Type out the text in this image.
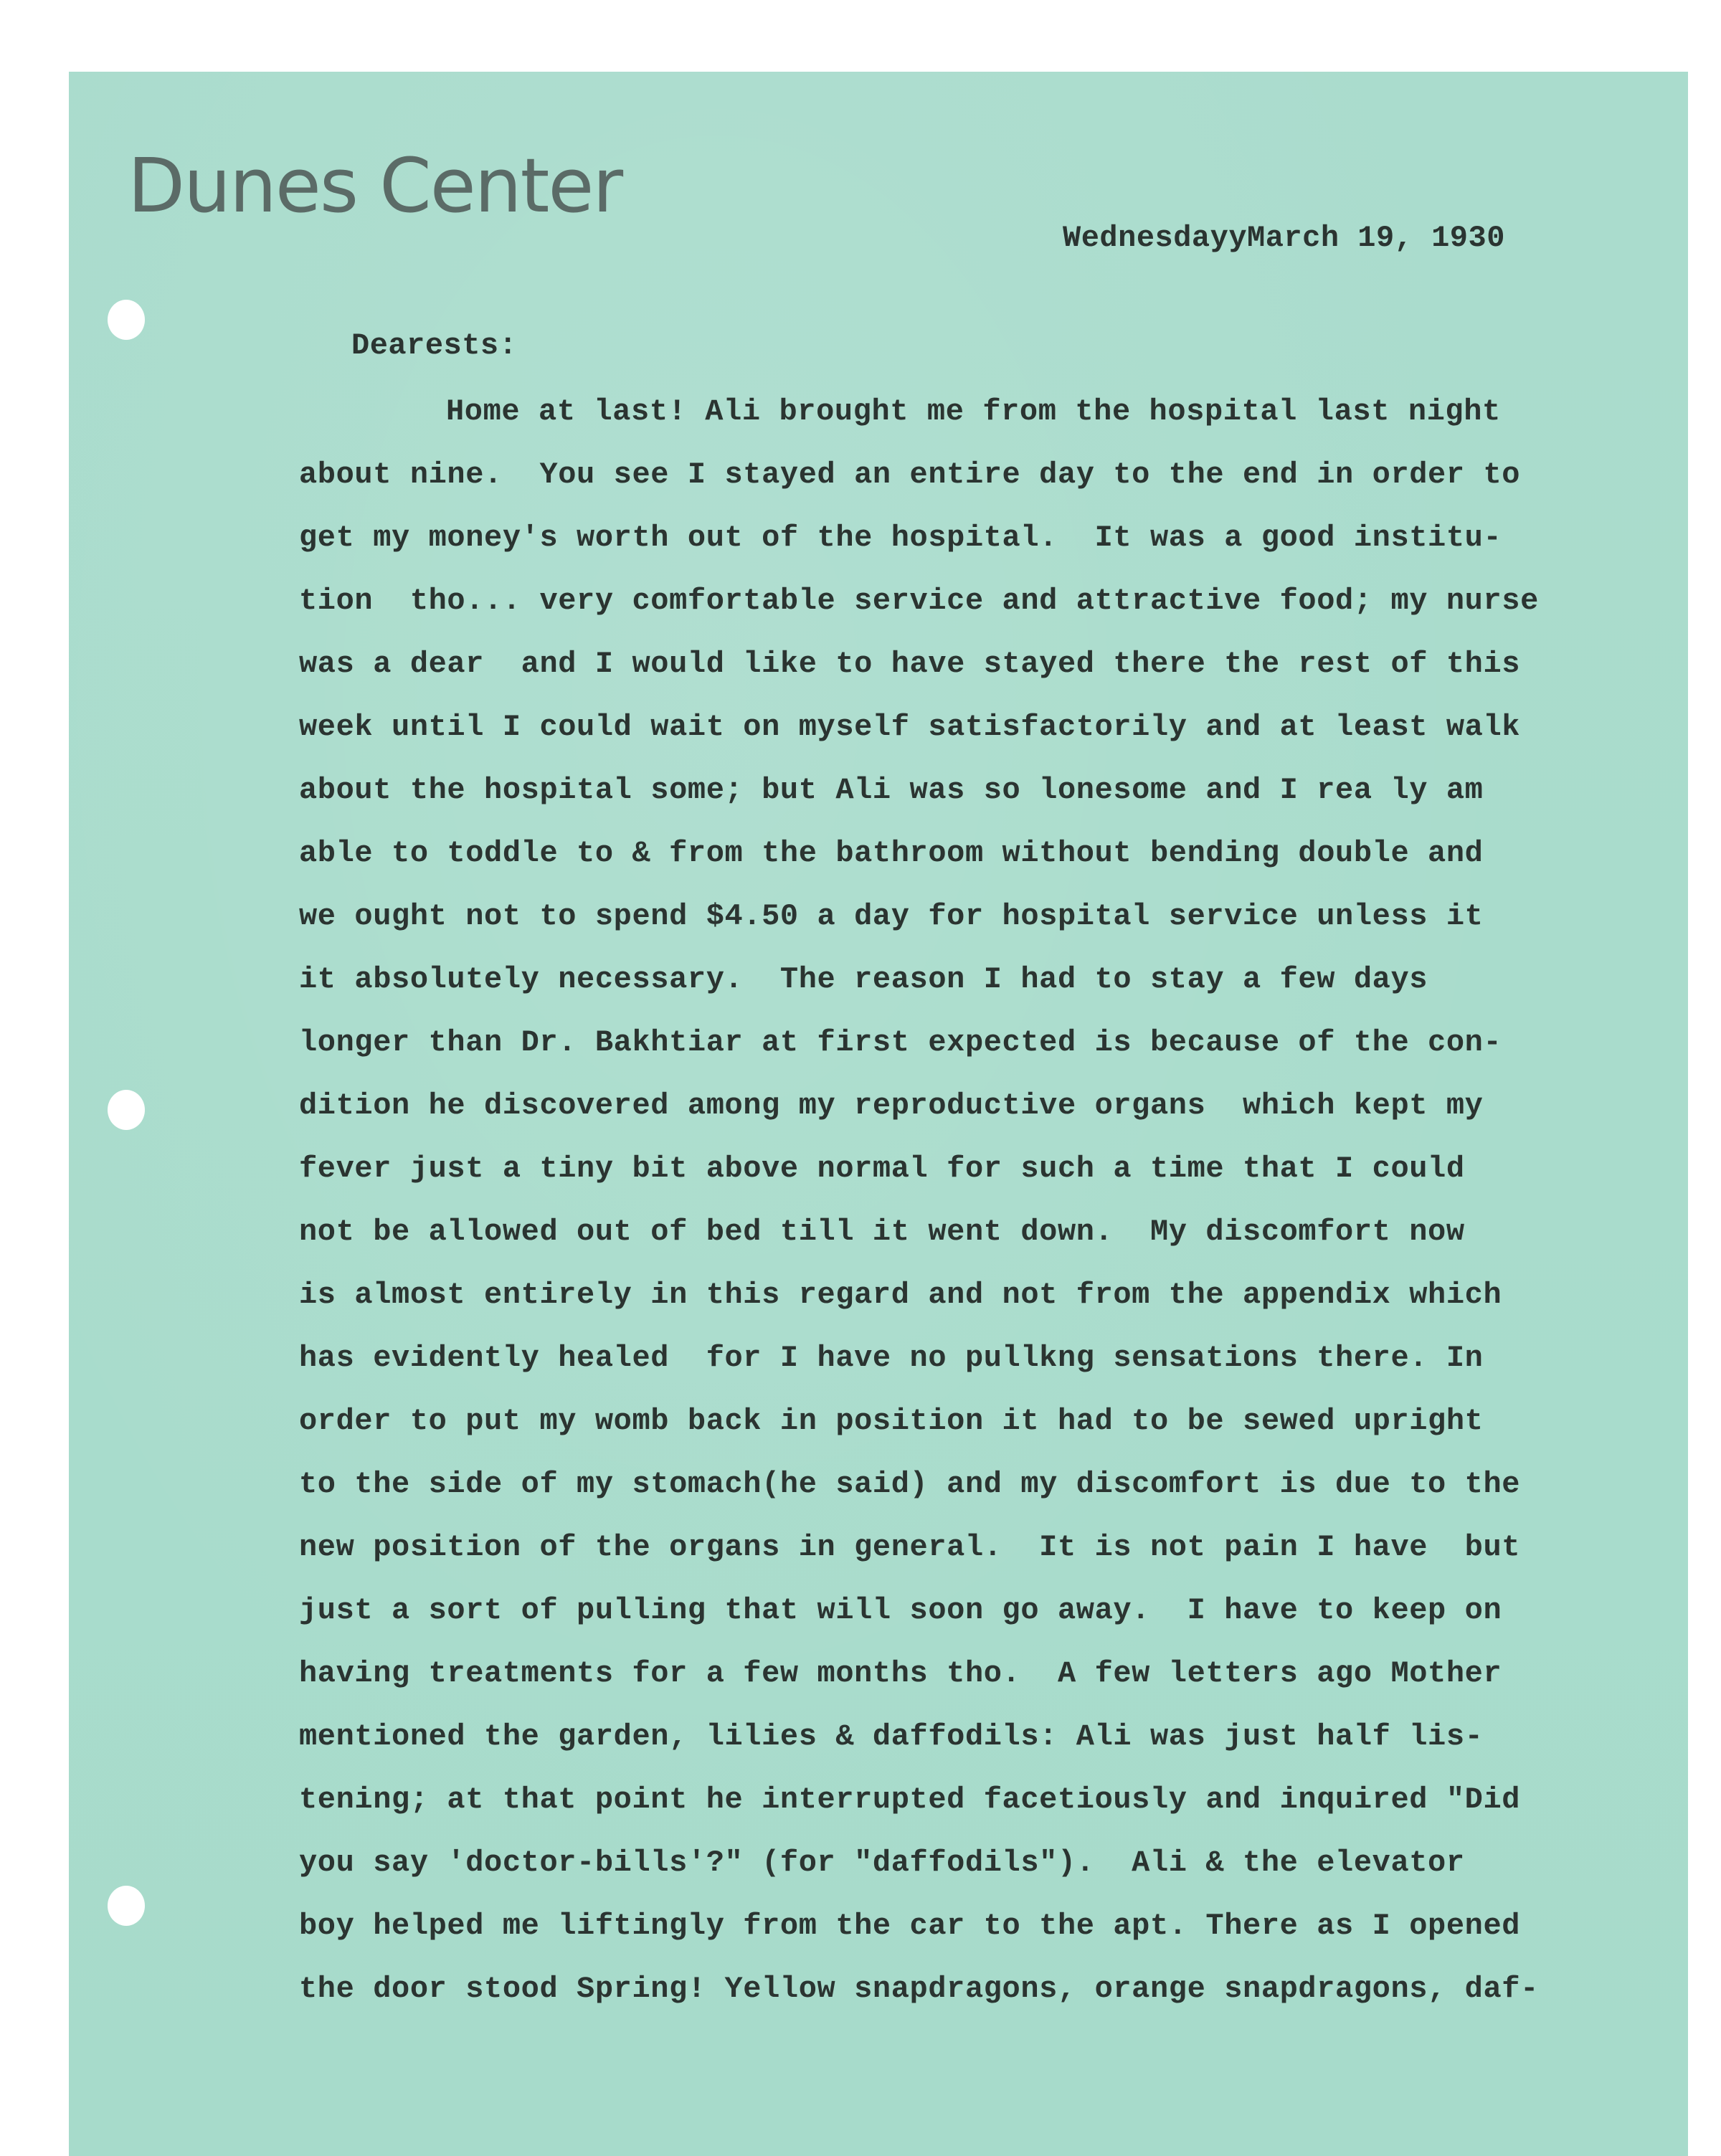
Dunes Center
WednesdayyMarch 19, 1930
Dearests:
Home at last! Ali brought me from the hospital last night
about nine.  You see I stayed an entire day to the end in order to
get my money's worth out of the hospital.  It was a good institu-
tion  tho... very comfortable service and attractive food; my nurse
was a dear  and I would like to have stayed there the rest of this
week until I could wait on myself satisfactorily and at least walk
about the hospital some; but Ali was so lonesome and I rea ly am
able to toddle to & from the bathroom without bending double and
we ought not to spend $4.50 a day for hospital service unless it
it absolutely necessary.  The reason I had to stay a few days
longer than Dr. Bakhtiar at first expected is because of the con-
dition he discovered among my reproductive organs  which kept my
fever just a tiny bit above normal for such a time that I could
not be allowed out of bed till it went down.  My discomfort now
is almost entirely in this regard and not from the appendix which
has evidently healed  for I have no pullkng sensations there. In
order to put my womb back in position it had to be sewed upright
to the side of my stomach(he said) and my discomfort is due to the
new position of the organs in general.  It is not pain I have  but
just a sort of pulling that will soon go away.  I have to keep on
having treatments for a few months tho.  A few letters ago Mother
mentioned the garden, lilies & daffodils: Ali was just half lis-
tening; at that point he interrupted facetiously and inquired "Did
you say 'doctor-bills'?" (for "daffodils").  Ali & the elevator
boy helped me liftingly from the car to the apt. There as I opened
the door stood Spring! Yellow snapdragons, orange snapdragons, daf-
